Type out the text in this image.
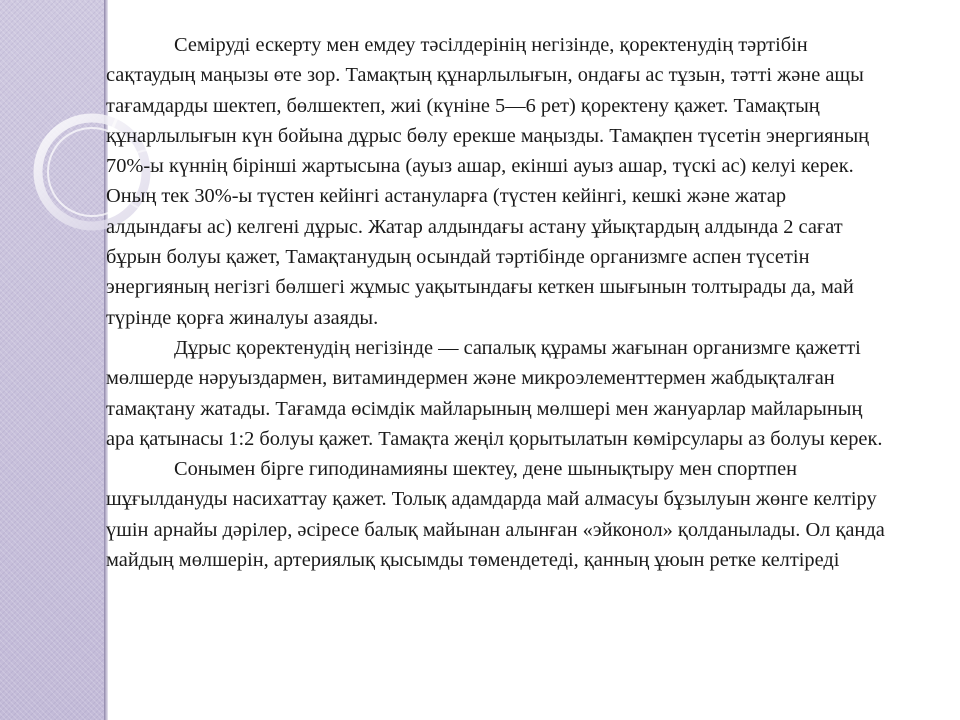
Семіруді ескерту мен емдеу тәсілдерінің негізінде, қоректенудің тәртібін сақтаудың маңызы өте зор. Тамақтың құнарлылығын, ондағы ас тұзын, тәтті және ащы тағамдарды шектеп, бөлшектеп, жиі (күніне 5—6 рет) қоректену қажет. Тамақтың құнарлылығын күн бойына дұрыс бөлу ерекше маңызды. Тамақпен түсетін энергияның 70%-ы күннің бірінші жартысына (ауыз ашар, екінші ауыз ашар, түскі ас) келуі керек. Оның тек 30%-ы түстен кейінгі астануларға (түстен кейінгі, кешкі және жатар алдындағы ас) келгені дұрыс. Жатар алдындағы астану ұйықтардың алдында 2 сағат бұрын болуы қажет, Тамақтанудың осындай тәртібінде организмге аспен түсетін энергияның негізгі бөлшегі жұмыс уақытындағы кеткен шығынын толтырады да, май түрінде қорға жиналуы азаяды.

Дұрыс қоректенудің негізінде — сапалық құрамы жағынан организмге қажетті мөлшерде нәруыздармен, витаминдермен және микроэлементтермен жабдықталған тамақтану жатады. Тағамда өсімдік майларының мөлшері мен жануарлар майларының ара қатынасы 1:2 болуы қажет. Тамақта жеңіл қорытылатын көмірсулары аз болуы керек.

Сонымен бірге гиподинамияны шектеу, дене шынықтыру мен спортпен шұғылдануды насихаттау қажет. Толық адамдарда май алмасуы бұзылуын жөнге келтіру үшін арнайы дәрілер, әсіресе балық майынан алынған «эйконол» қолданылады. Ол қанда майдың мөлшерін, артериялық қысымды төмендетеді, қанның ұюын ретке келтіреді
